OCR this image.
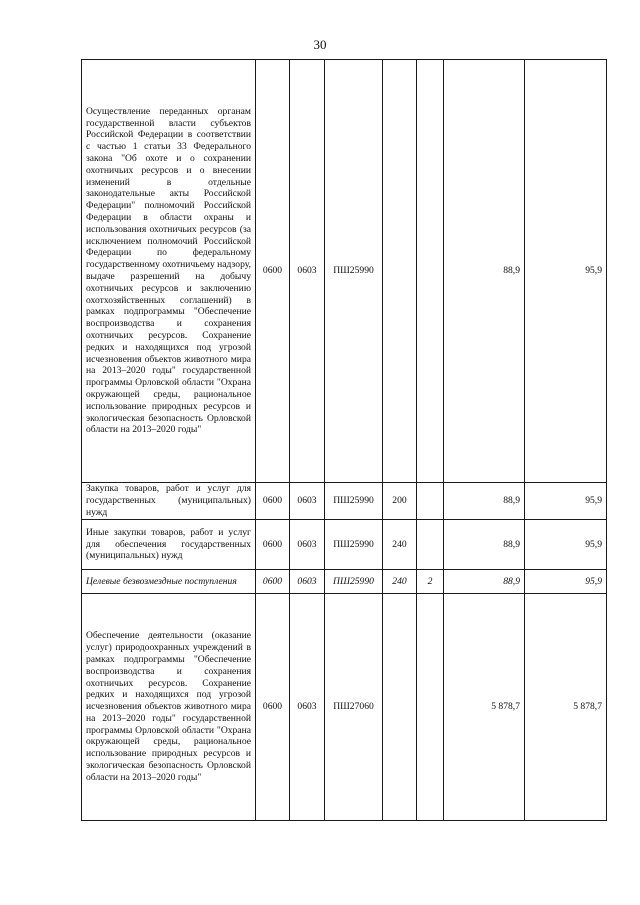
30
Осуществление переданных органам государственной власти субъектов Российской Федерации в соответствии с частью 1 статьи 33 Федерального закона "Об охоте и о сохранении охотничьих ресурсов и о внесении изменений в отдельные законодательные акты Российской Федерации" полномочий Российской Федерации в области охраны и использования охотничьих ресурсов (за исключением полномочий Российской Федерации по федеральному государственному охотничьему надзору, выдаче разрешений на добычу охотничьих ресурсов и заключению охотхозяйственных соглашений) в рамках подпрограммы "Обеспечение воспроизводства и сохранения охотничьих ресурсов. Сохранение редких и находящихся под угрозой исчезновения объектов животного мира на 2013–2020 годы" государственной программы Орловской области "Охрана окружающей среды, рациональное использование природных ресурсов и экологическая безопасность Орловской области на 2013–2020 годы"	0600	0603	ПШ25990			88,9	95,9
Закупка товаров, работ и услуг для государственных (муниципальных) нужд	0600	0603	ПШ25990	200		88,9	95,9
Иные закупки товаров, работ и услуг для обеспечения государственных (муниципальных) нужд	0600	0603	ПШ25990	240		88,9	95,9
Целевые безвозмездные поступления	0600	0603	ПШ25990	240	2	88,9	95,9
Обеспечение деятельности (оказание услуг) природоохранных учреждений в рамках подпрограммы "Обеспечение воспроизводства и сохранения охотничьих ресурсов. Сохранение редких и находящихся под угрозой исчезновения объектов животного мира на 2013–2020 годы" государственной программы Орловской области "Охрана окружающей среды, рациональное использование природных ресурсов и экологическая безопасность Орловской области на 2013–2020 годы"	0600	0603	ПШ27060			5 878,7	5 878,7
